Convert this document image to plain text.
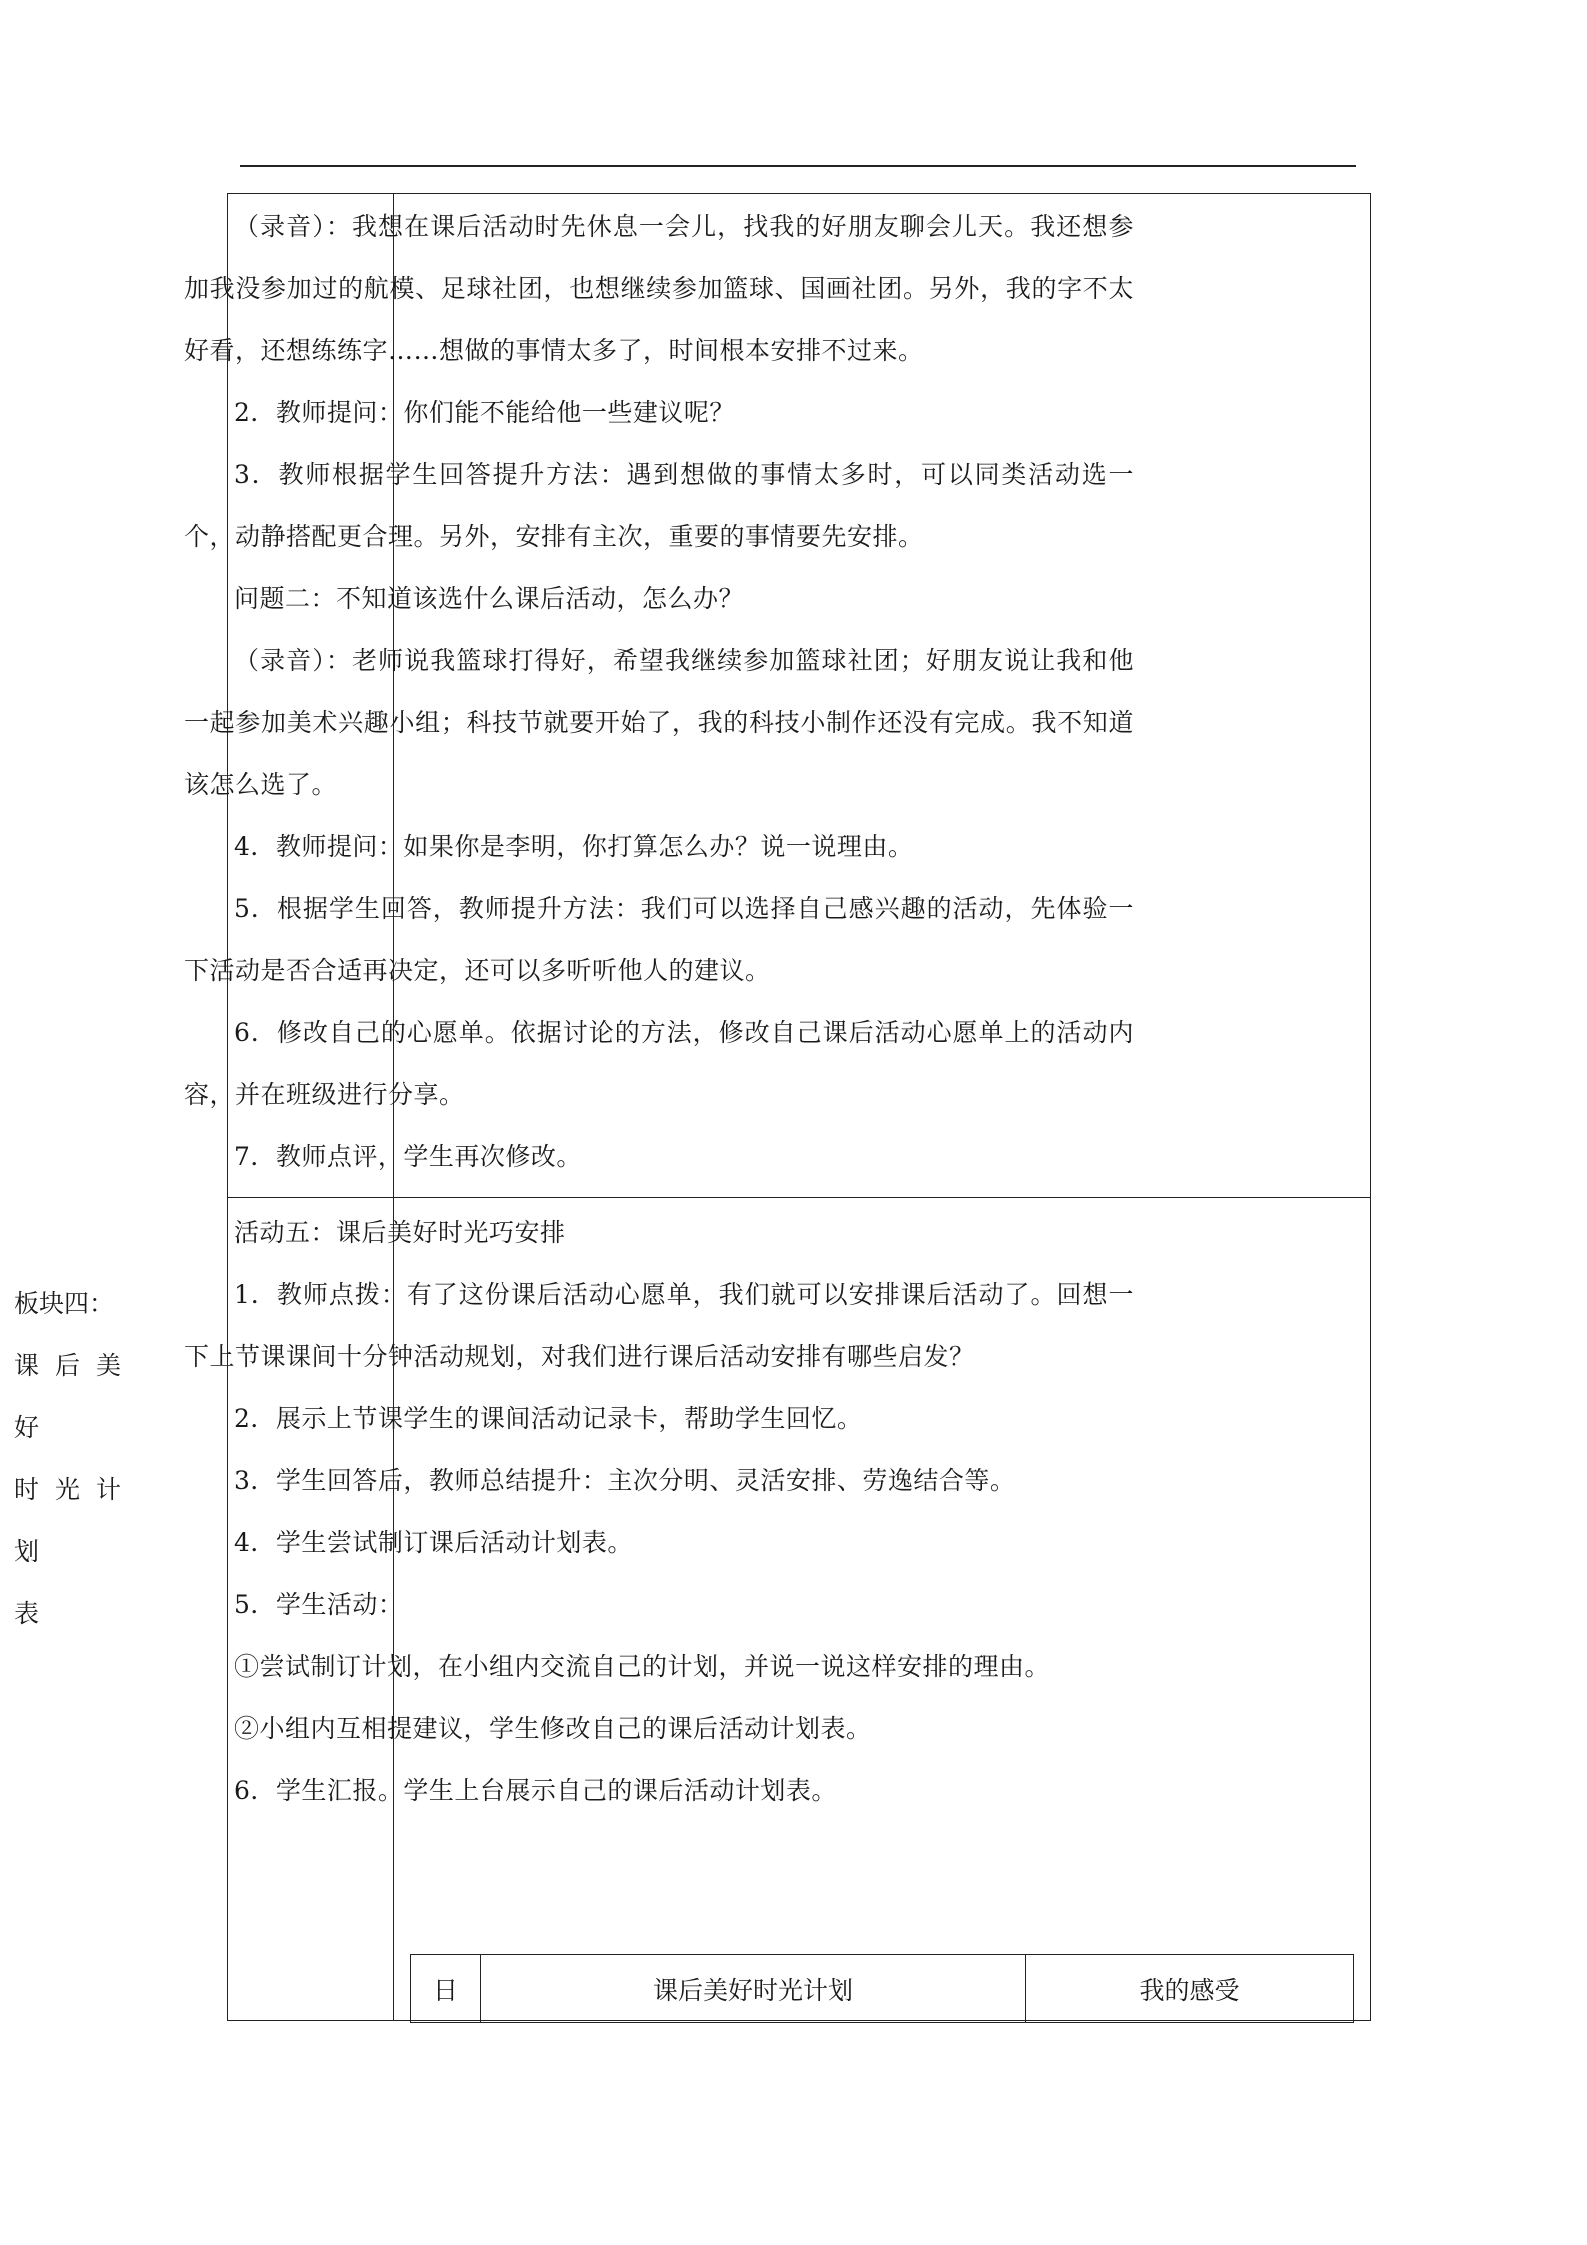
（录音）：我想在课后活动时先休息一会儿，找我的好朋友聊会儿天。我还想参加我没参加过的航模、足球社团，也想继续参加篮球、国画社团。另外，我的字不太好看，还想练练字……想做的事情太多了，时间根本安排不过来。

2．教师提问：你们能不能给他一些建议呢？

3．教师根据学生回答提升方法：遇到想做的事情太多时，可以同类活动选一个，动静搭配更合理。另外，安排有主次，重要的事情要先安排。

问题二：不知道该选什么课后活动，怎么办？

（录音）：老师说我篮球打得好，希望我继续参加篮球社团；好朋友说让我和他一起参加美术兴趣小组；科技节就要开始了，我的科技小制作还没有完成。我不知道该怎么选了。

4．教师提问：如果你是李明，你打算怎么办？说一说理由。

5．根据学生回答，教师提升方法：我们可以选择自己感兴趣的活动，先体验一下活动是否合适再决定，还可以多听听他人的建议。

6．修改自己的心愿单。依据讨论的方法，修改自己课后活动心愿单上的活动内容，并在班级进行分享。

7．教师点评，学生再次修改。

板块四：

课后美好

时光计划

表

活动五：课后美好时光巧安排

1．教师点拨：有了这份课后活动心愿单，我们就可以安排课后活动了。回想一下上节课课间十分钟活动规划，对我们进行课后活动安排有哪些启发？

2．展示上节课学生的课间活动记录卡，帮助学生回忆。

3．学生回答后，教师总结提升：主次分明、灵活安排、劳逸结合等。

4．学生尝试制订课后活动计划表。

5．学生活动：

①尝试制订计划，在小组内交流自己的计划，并说一说这样安排的理由。

②小组内互相提建议，学生修改自己的课后活动计划表。

6．学生汇报。学生上台展示自己的课后活动计划表。

日	课后美好时光计划	我的感受
